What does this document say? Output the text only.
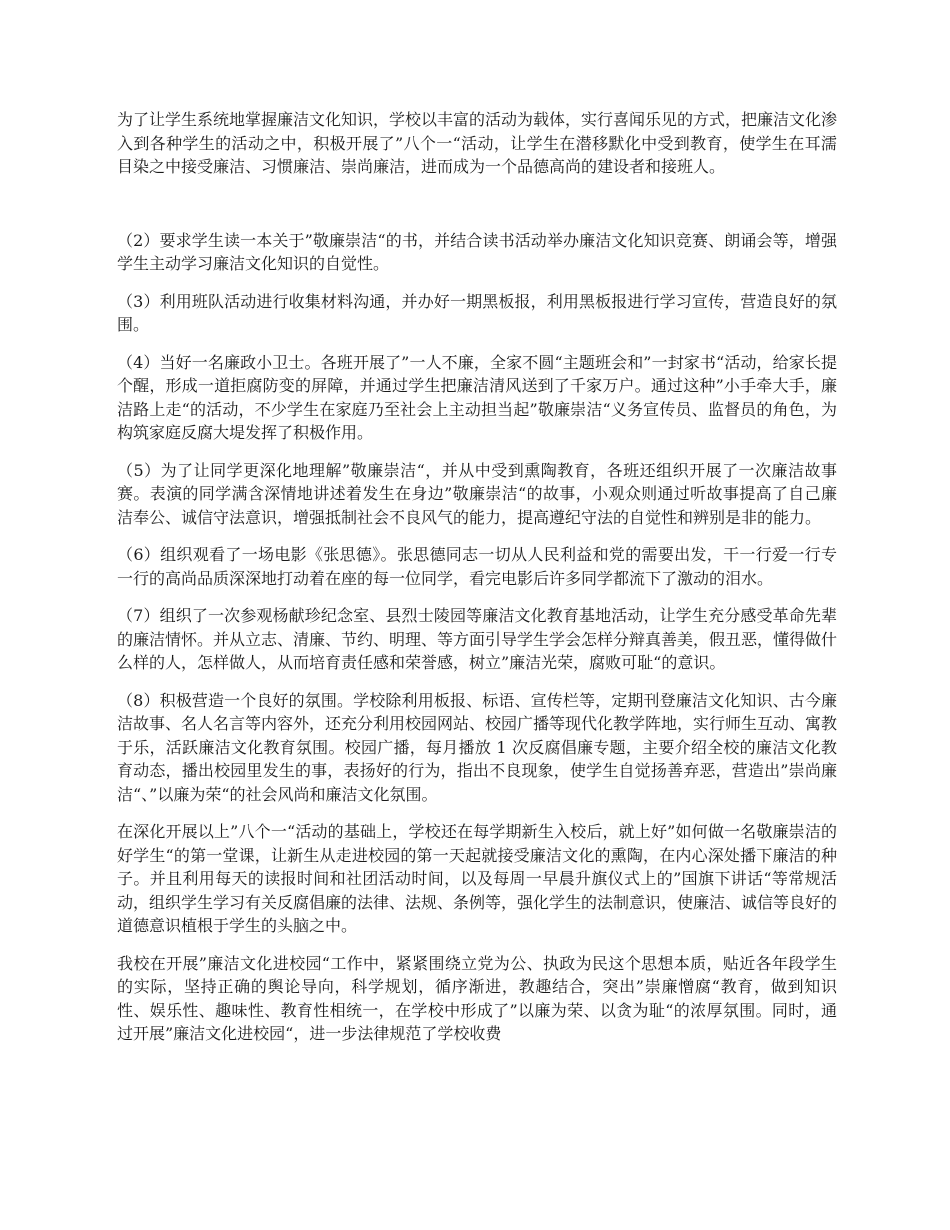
为了让学生系统地掌握廉洁文化知识，学校以丰富的活动为载体，实行喜闻乐见的方式，把廉洁文化渗入到各种学生的活动之中，积极开展了”八个一“活动，让学生在潜移默化中受到教育，使学生在耳濡目染之中接受廉洁、习惯廉洁、崇尚廉洁，进而成为一个品德高尚的建设者和接班人。

（2）要求学生读一本关于”敬廉崇洁“的书，并结合读书活动举办廉洁文化知识竞赛、朗诵会等，增强学生主动学习廉洁文化知识的自觉性。

（3）利用班队活动进行收集材料沟通，并办好一期黑板报，利用黑板报进行学习宣传，营造良好的氛围。

（4）当好一名廉政小卫士。各班开展了”一人不廉，全家不圆“主题班会和”一封家书“活动，给家长提个醒，形成一道拒腐防变的屏障，并通过学生把廉洁清风送到了千家万户。通过这种”小手牵大手，廉洁路上走“的活动，不少学生在家庭乃至社会上主动担当起”敬廉崇洁“义务宣传员、监督员的角色，为构筑家庭反腐大堤发挥了积极作用。

（5）为了让同学更深化地理解”敬廉崇洁“，并从中受到熏陶教育，各班还组织开展了一次廉洁故事赛。表演的同学满含深情地讲述着发生在身边”敬廉崇洁“的故事，小观众则通过听故事提高了自己廉洁奉公、诚信守法意识，增强抵制社会不良风气的能力，提高遵纪守法的自觉性和辨别是非的能力。

（6）组织观看了一场电影《张思德》。张思德同志一切从人民利益和党的需要出发，干一行爱一行专一行的高尚品质深深地打动着在座的每一位同学，看完电影后许多同学都流下了激动的泪水。

（7）组织了一次参观杨献珍纪念室、县烈士陵园等廉洁文化教育基地活动，让学生充分感受革命先辈的廉洁情怀。并从立志、清廉、节约、明理、等方面引导学生学会怎样分辩真善美，假丑恶，懂得做什么样的人，怎样做人，从而培育责任感和荣誉感，树立”廉洁光荣，腐败可耻“的意识。

（8）积极营造一个良好的氛围。学校除利用板报、标语、宣传栏等，定期刊登廉洁文化知识、古今廉洁故事、名人名言等内容外，还充分利用校园网站、校园广播等现代化教学阵地，实行师生互动、寓教于乐，活跃廉洁文化教育氛围。校园广播，每月播放 1 次反腐倡廉专题，主要介绍全校的廉洁文化教育动态，播出校园里发生的事，表扬好的行为，指出不良现象，使学生自觉扬善弃恶，营造出”崇尚廉洁“、”以廉为荣“的社会风尚和廉洁文化氛围。

在深化开展以上”八个一“活动的基础上，学校还在每学期新生入校后，就上好”如何做一名敬廉崇洁的好学生“的第一堂课，让新生从走进校园的第一天起就接受廉洁文化的熏陶，在内心深处播下廉洁的种子。并且利用每天的读报时间和社团活动时间，以及每周一早晨升旗仪式上的”国旗下讲话“等常规活动，组织学生学习有关反腐倡廉的法律、法规、条例等，强化学生的法制意识，使廉洁、诚信等良好的道德意识植根于学生的头脑之中。

我校在开展”廉洁文化进校园“工作中，紧紧围绕立党为公、执政为民这个思想本质，贴近各年段学生的实际，坚持正确的舆论导向，科学规划，循序渐进，教趣结合，突出”崇廉憎腐“教育，做到知识性、娱乐性、趣味性、教育性相统一，在学校中形成了”以廉为荣、以贪为耻“的浓厚氛围。同时，通过开展”廉洁文化进校园“，进一步法律规范了学校收费
